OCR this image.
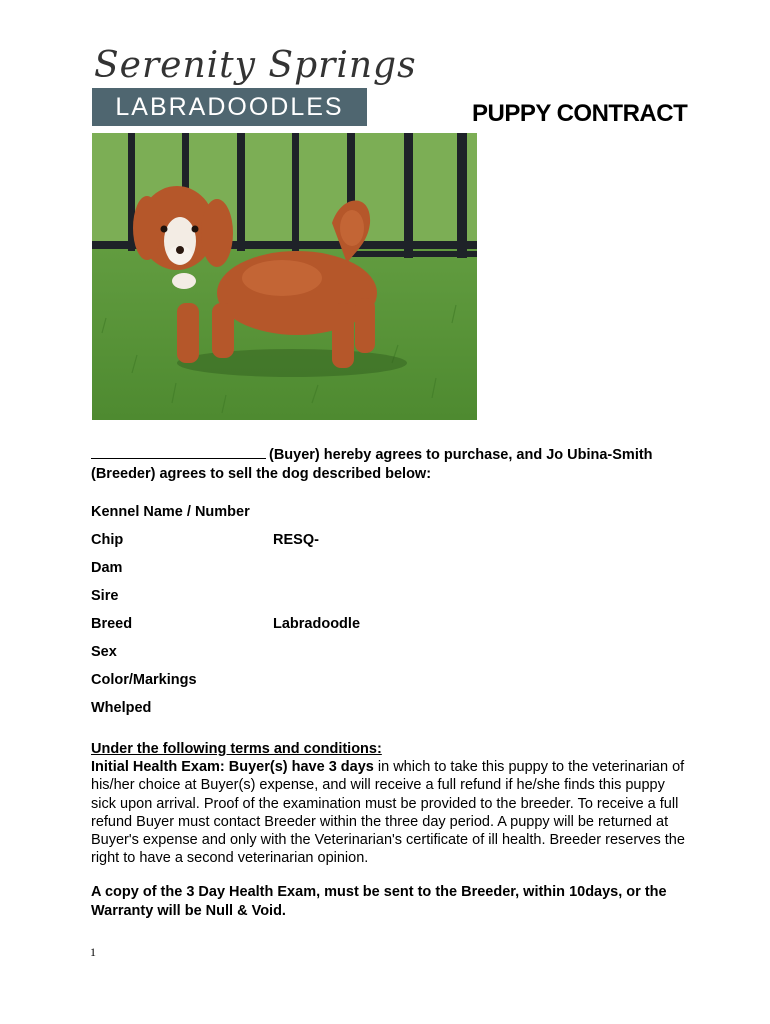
Serenity Springs
LABRADOODLES	PUPPY CONTRACT
(Buyer) hereby agrees to purchase, and Jo Ubina-Smith (Breeder) agrees to sell the dog described below:
Kennel Name / Number
Chip	RESQ-
Dam
Sire
Breed	Labradoodle
Sex
Color/Markings
Whelped
Under the following terms and conditions:
Initial Health Exam: Buyer(s) have 3 days in which to take this puppy to the veterinarian of his/her choice at Buyer(s) expense, and will receive a full refund if he/she finds this puppy sick upon arrival. Proof of the examination must be provided to the breeder. To receive a full refund Buyer must contact Breeder within the three day period. A puppy will be returned at Buyer's expense and only with the Veterinarian's certificate of ill health. Breeder reserves the right to have a second veterinarian opinion.
A copy of the 3 Day Health Exam, must be sent to the Breeder, within 10days, or the Warranty will be Null & Void.
1
